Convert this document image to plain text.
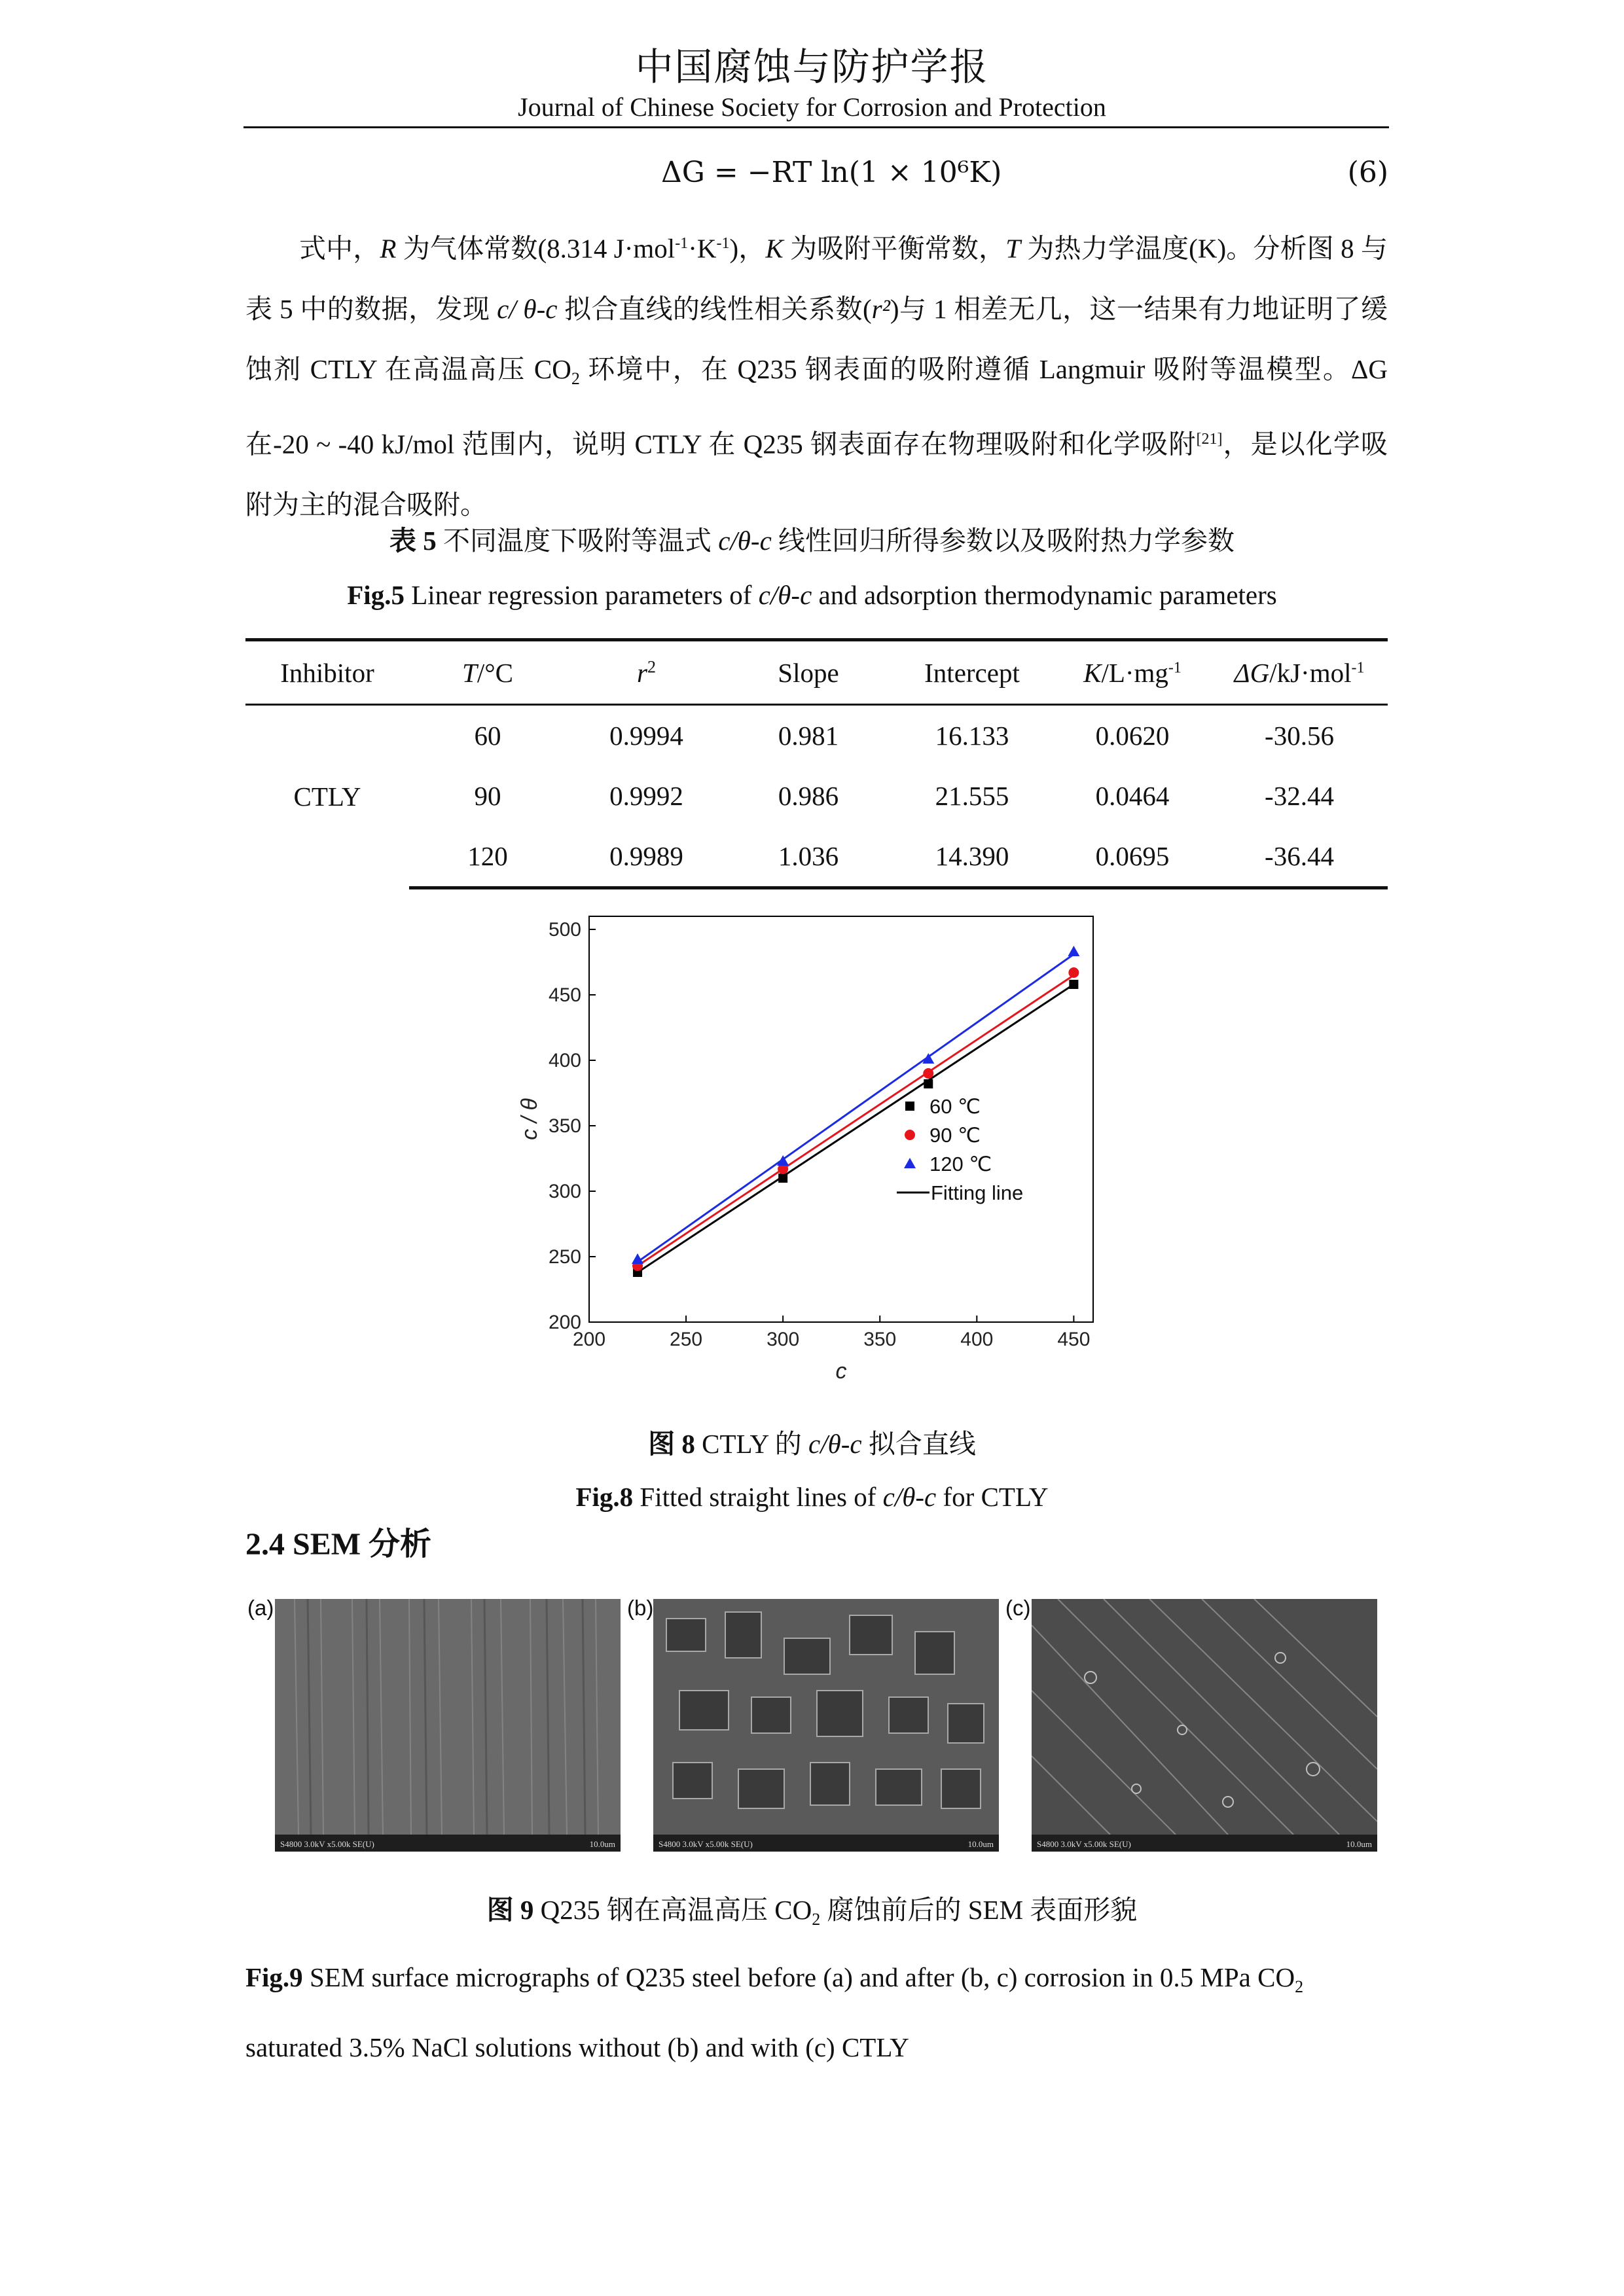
中国腐蚀与防护学报
Journal of Chinese Society for Corrosion and Protection
ΔG = −RT ln(1 × 10⁶K)	(6)
式中，R 为气体常数(8.314 $J\cdot mol^{-1}\cdot K^{-1}$)，K 为吸附平衡常数，T 为热力学温度(K)。分析图 8 与表 5 中的数据，发现 c/ θ-c 拟合直线的线性相关系数(r²)与 1 相差无几，这一结果有力地证明了缓蚀剂 CTLY 在高温高压 $CO_2$ 环境中，在 Q235 钢表面的吸附遵循 Langmuir 吸附等温模型。ΔG 在-20 ~ -40 kJ/mol 范围内，说明 CTLY 在 Q235 钢表面存在物理吸附和化学吸附[21]，是以化学吸附为主的混合吸附。
表 5 不同温度下吸附等温式 c/θ-c 线性回归所得参数以及吸附热力学参数
Fig.5 Linear regression parameters of c/θ-c and adsorption thermodynamic parameters
Inhibitor	T/°C	$r^2$	Slope	Intercept	$K/L\cdot mg^{-1}$	ΔG/kJ·mol$^{-1}$
CTLY	60	0.9994	0.981	16.133	0.0620	-30.56
	90	0.9992	0.986	21.555	0.0464	-32.44
	120	0.9989	1.036	14.390	0.0695	-36.44
200	250	300	350	400	450
200
250
300
350
400
450
500
c
c / θ	60 ℃
90 ℃
120 ℃
Fitting line
图 8 CTLY 的 c/θ-c 拟合直线
Fig.8 Fitted straight lines of c/θ-c for CTLY
2.4 SEM 分析
(a)	(b)	(c)
S4800 3.0kV x5.00k SE(U)	10.0um	S4800 3.0kV x5.00k SE(U)	10.0um	S4800 3.0kV x5.00k SE(U)	10.0um
图 9 Q235 钢在高温高压 $CO_2$ 腐蚀前后的 SEM 表面形貌
Fig.9 SEM surface micrographs of Q235 steel before (a) and after (b, c) corrosion in 0.5 MPa $CO_2$
saturated 3.5% NaCl solutions without (b) and with (c) CTLY
